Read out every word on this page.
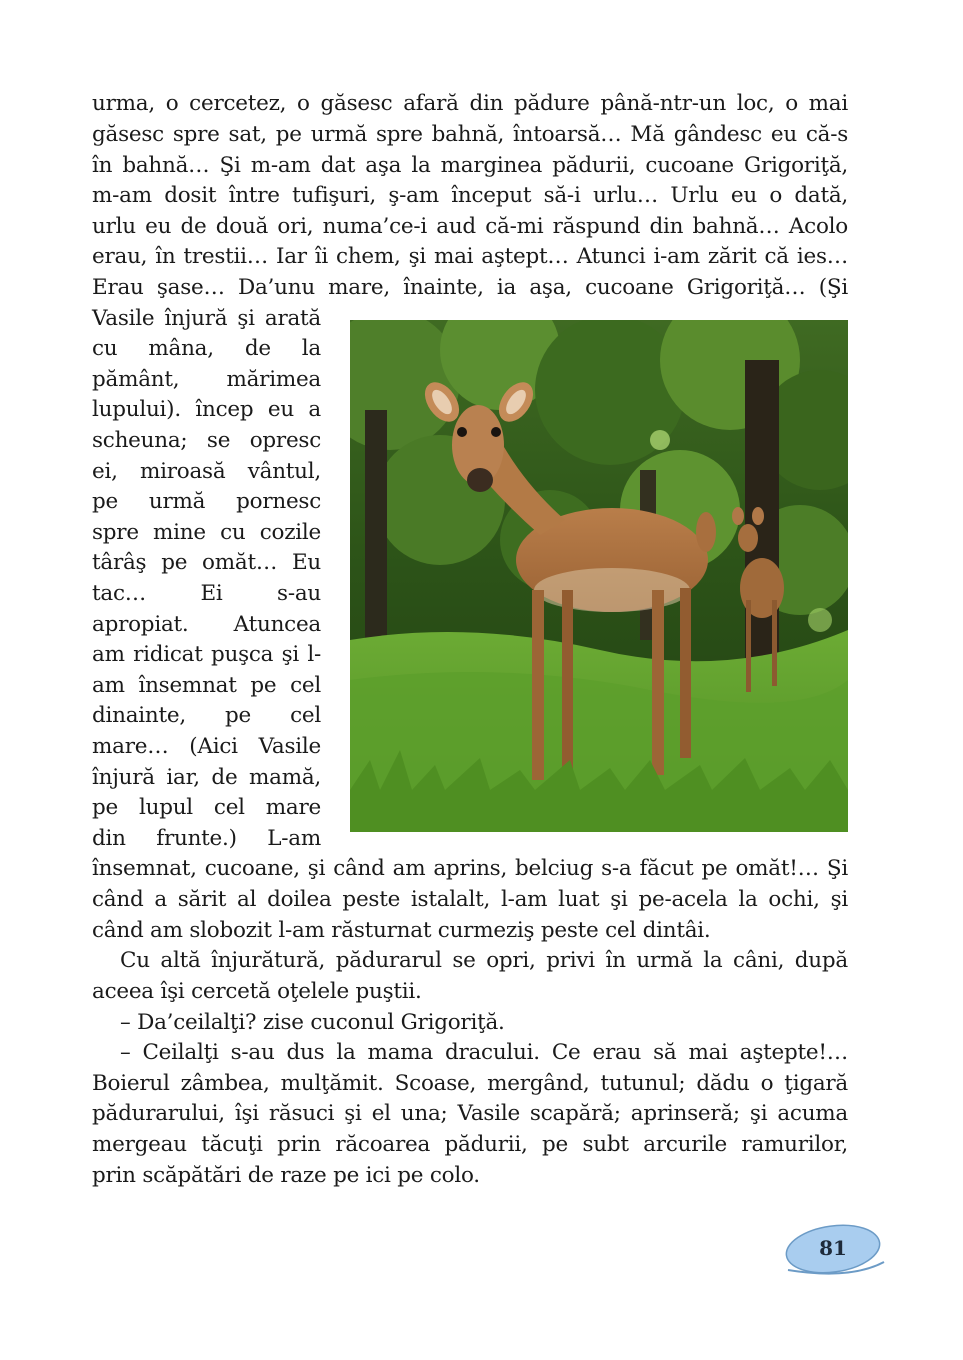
urma, o cercetez, o găsesc afară din pădure până-ntr-un loc, o mai
găsesc spre sat, pe urmă spre bahnă, întoarsă… Mă gândesc eu că-s
în bahnă… Şi m-am dat aşa la marginea pădurii, cucoane Grigoriţă,
m-am dosit între tufişuri, ş-am început să-i urlu… Urlu eu o dată,
urlu eu de două ori, numa’ce-i aud că-mi răspund din bahnă… Acolo
erau, în trestii… Iar îi chem, şi mai aştept… Atunci i-am zărit că ies…
Erau şase… Da’unu mare, înainte, ia aşa, cucoane Grigoriţă… (Şi
Vasile înjură şi arată
cu mâna, de la
pământ, mărimea
lupului). încep eu a
scheuna; se opresc
ei, miroasă vântul,
pe urmă pornesc
spre mine cu cozile
târâş pe omăt… Eu
tac… Ei s-au
apropiat. Atuncea
am ridicat puşca şi l-
am însemnat pe cel
dinainte, pe cel
mare… (Aici Vasile
înjură iar, de mamă,
pe lupul cel mare
din frunte.) L-am
însemnat, cucoane, şi când am aprins, belciug s-a făcut pe omăt!… Şi
când a sărit al doilea peste istalalt, l-am luat şi pe-acela la ochi, şi
când am slobozit l-am răsturnat curmeziş peste cel dintâi.
Cu altă înjurătură, pădurarul se opri, privi în urmă la câni, după
aceea îşi cercetă oţelele puştii.
– Da’ceilalţi? zise cuconul Grigoriţă.
– Ceilalţi s-au dus la mama dracului. Ce erau să mai aştepte!…
Boierul zâmbea, mulţămit. Scoase, mergând, tutunul; dădu o ţigară
pădurarului, îşi răsuci şi el una; Vasile scapără; aprinseră; şi acuma
mergeau tăcuţi prin răcoarea pădurii, pe subt arcurile ramurilor,
prin scăpătări de raze pe ici pe colo.
81
